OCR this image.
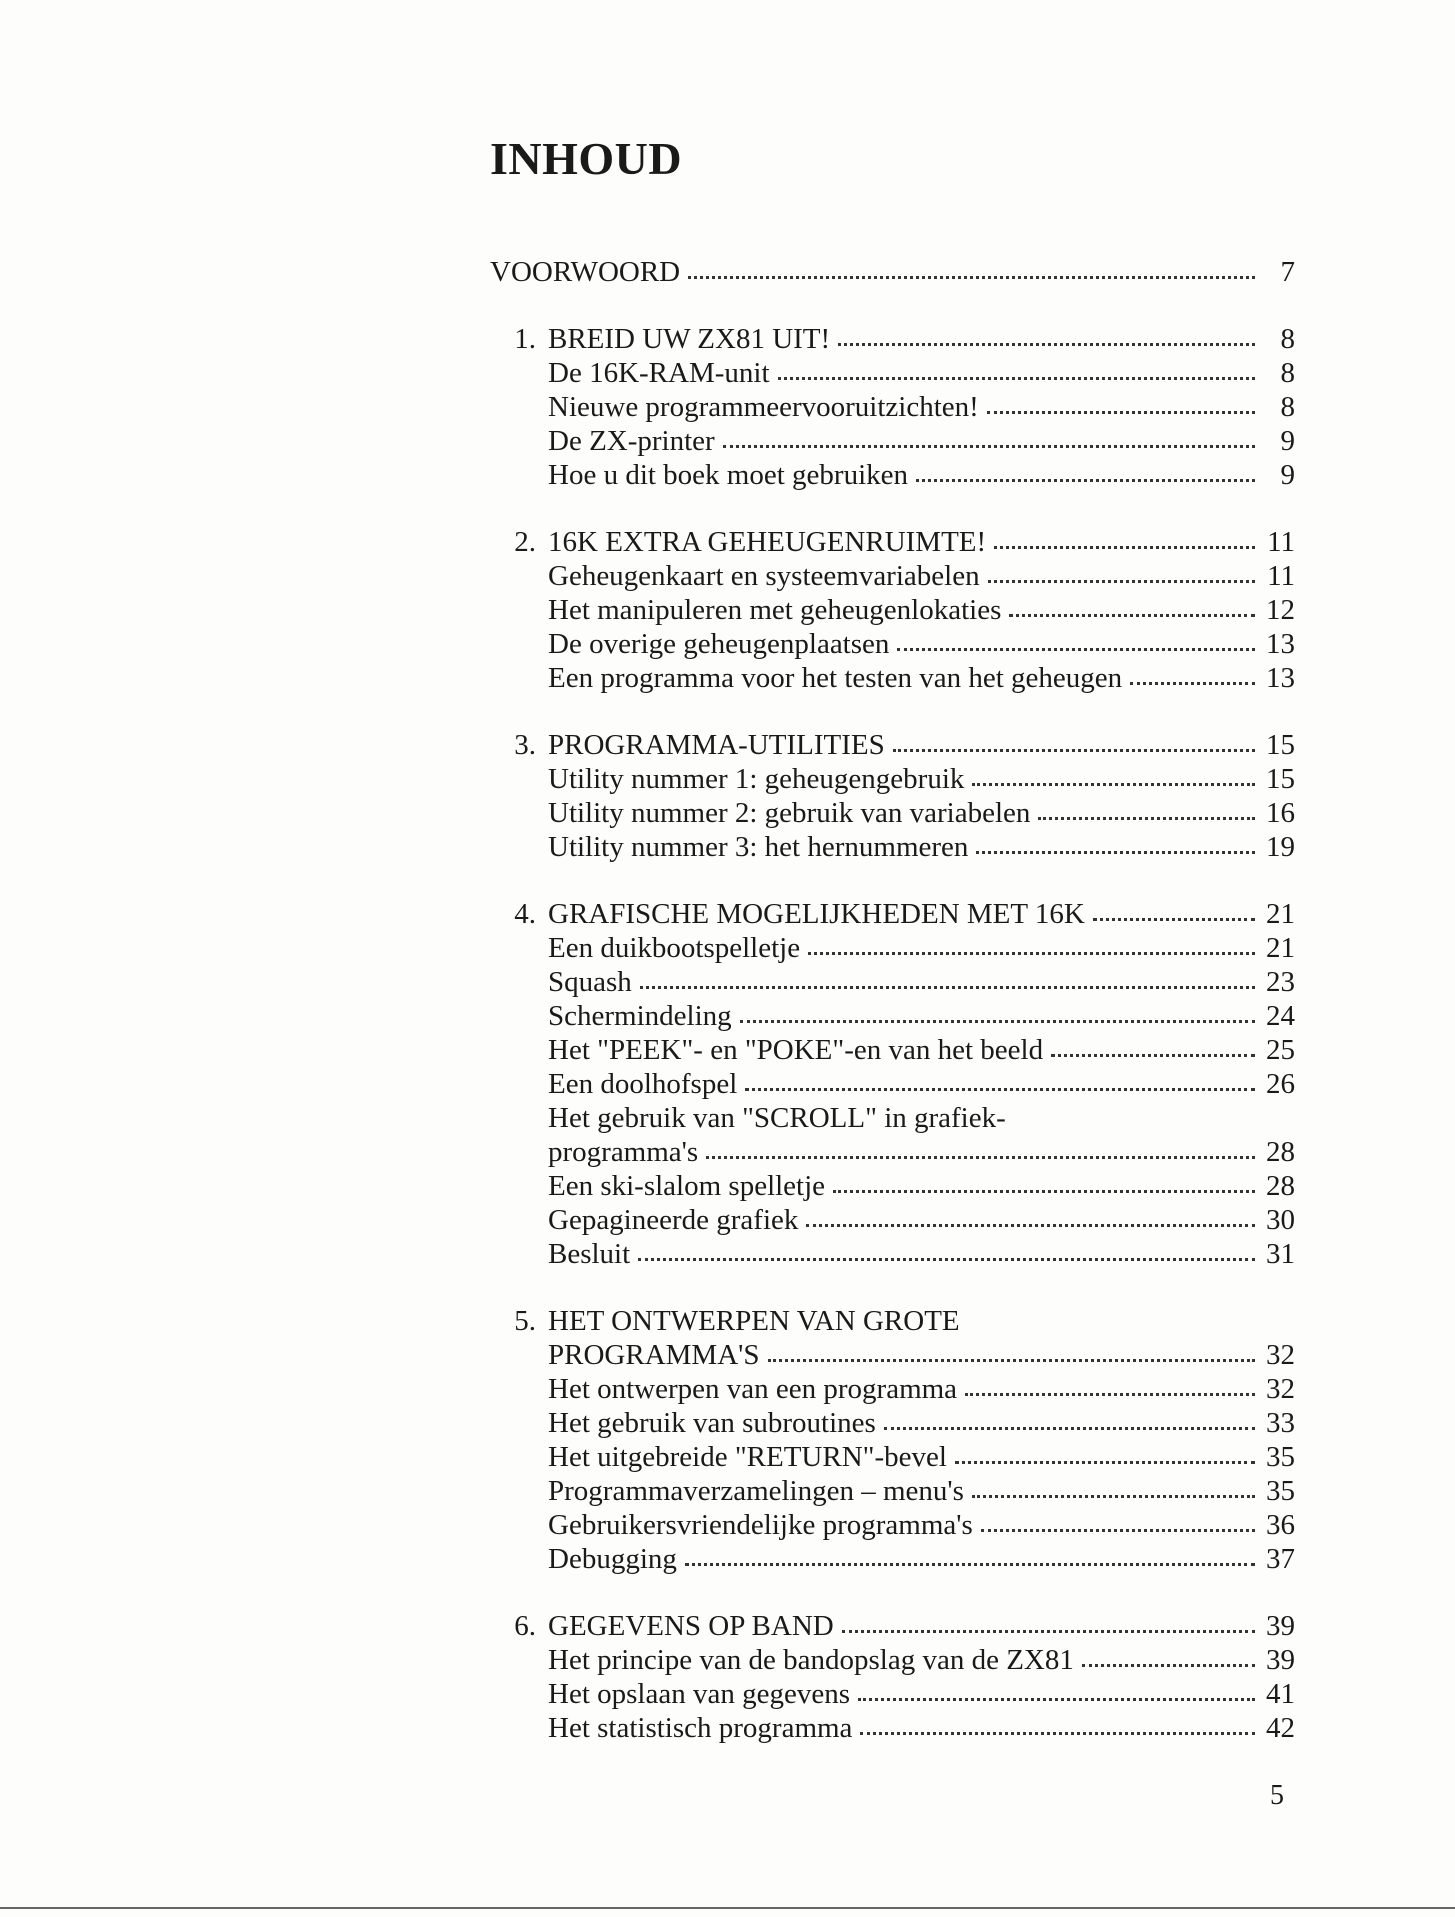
INHOUD
VOORWOORD	7
1. BREID UW ZX81 UIT!	8
De 16K-RAM-unit	8
Nieuwe programmeervooruitzichten!	8
De ZX-printer	9
Hoe u dit boek moet gebruiken	9
2. 16K EXTRA GEHEUGENRUIMTE!	11
Geheugenkaart en systeemvariabelen	11
Het manipuleren met geheugenlokaties	12
De overige geheugenplaatsen	13
Een programma voor het testen van het geheugen	13
3. PROGRAMMA-UTILITIES	15
Utility nummer 1: geheugengebruik	15
Utility nummer 2: gebruik van variabelen	16
Utility nummer 3: het hernummeren	19
4. GRAFISCHE MOGELIJKHEDEN MET 16K	21
Een duikbootspelletje	21
Squash	23
Schermindeling	24
Het "PEEK"- en "POKE"-en van het beeld	25
Een doolhofspel	26
Het gebruik van "SCROLL" in grafiek-
programma's	28
Een ski-slalom spelletje	28
Gepagineerde grafiek	30
Besluit	31
5. HET ONTWERPEN VAN GROTE
PROGRAMMA'S	32
Het ontwerpen van een programma	32
Het gebruik van subroutines	33
Het uitgebreide "RETURN"-bevel	35
Programmaverzamelingen – menu's	35
Gebruikersvriendelijke programma's	36
Debugging	37
6. GEGEVENS OP BAND	39
Het principe van de bandopslag van de ZX81	39
Het opslaan van gegevens	41
Het statistisch programma	42
5
